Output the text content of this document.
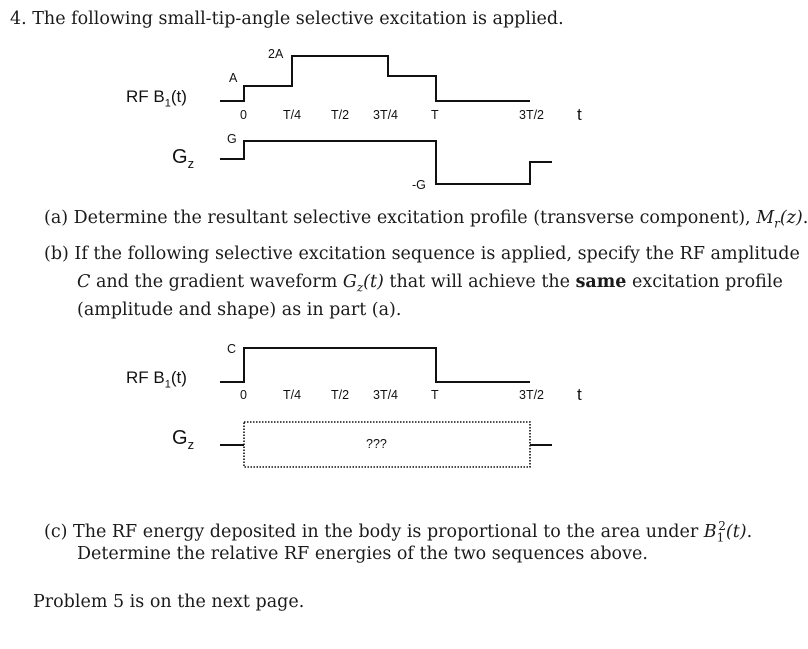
4. The following small-tip-angle selective excitation is applied.
RF $B_1(t)$
$G_z$
A
2A
G
-G
0	T/4 T/2 3T/4	T	3T/2 t
(a) Determine the resultant selective excitation profile (transverse component), $M_r(z)$.
(b) If the following selective excitation sequence is applied, specify the RF amplitude
C and the gradient waveform $G_z(t)$ that will achieve the same excitation profile
(amplitude and shape) as in part (a).
RF $B_1(t)$
$G_z$
C
0	T/4 T/2 3T/4	T	3T/2 t
???
(c) The RF energy deposited in the body is proportional to the area under $B_1^2(t)$.
Determine the relative RF energies of the two sequences above.
Problem 5 is on the next page.
